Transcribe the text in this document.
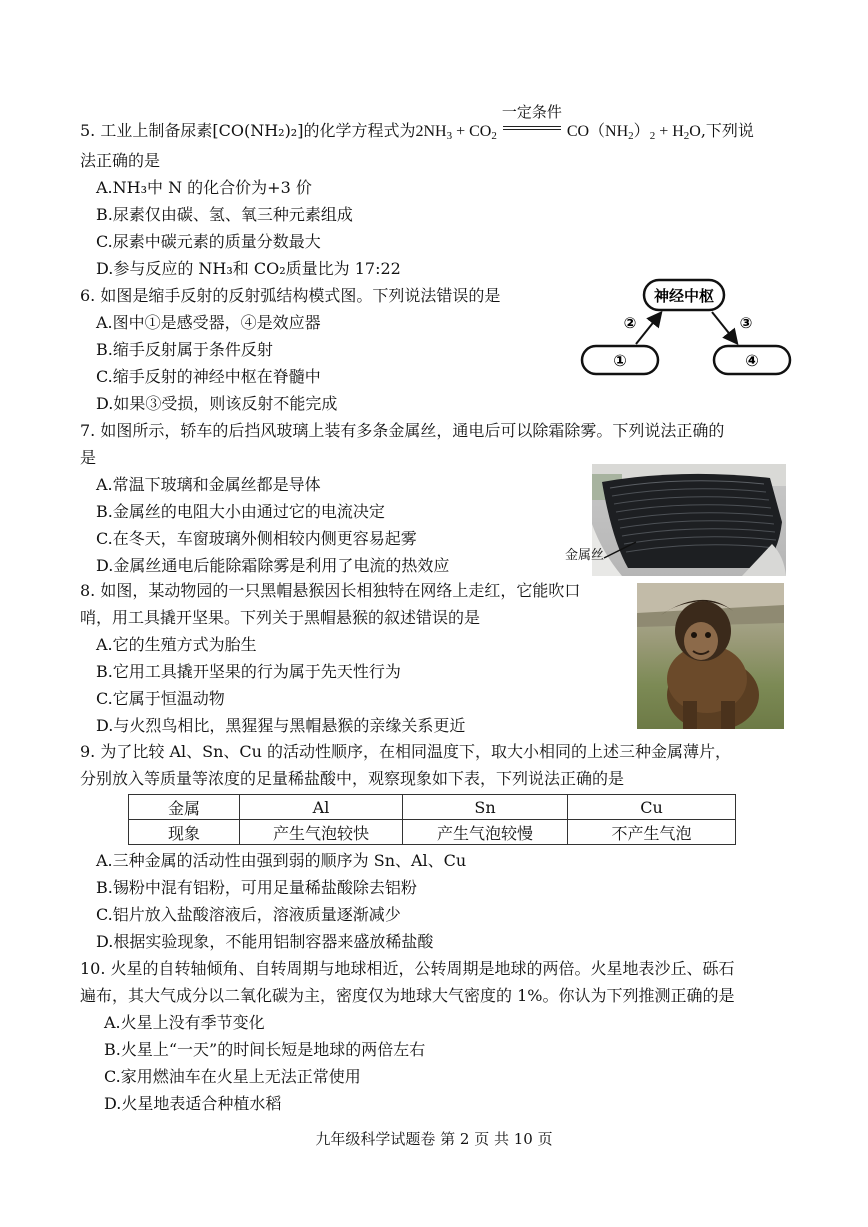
5. 工业上制备尿素[CO(NH₂)₂]的化学方程式为$2NH_3 + CO_2$
一定条件
$CO(NH_2)_2 + H_2O$,下列说
法正确的是
A.NH₃中 N 的化合价为+3 价
B.尿素仅由碳、氢、氧三种元素组成
C.尿素中碳元素的质量分数最大
D.参与反应的 NH₃和 CO₂质量比为 17:22
6. 如图是缩手反射的反射弧结构模式图。下列说法错误的是
A.图中①是感受器，④是效应器
B.缩手反射属于条件反射
C.缩手反射的神经中枢在脊髓中
D.如果③受损，则该反射不能完成
神经中枢
①	④
②	③
7. 如图所示，轿车的后挡风玻璃上装有多条金属丝，通电后可以除霜除雾。下列说法正确的
是
A.常温下玻璃和金属丝都是导体
B.金属丝的电阻大小由通过它的电流决定
C.在冬天，车窗玻璃外侧相较内侧更容易起雾
D.金属丝通电后能除霜除雾是利用了电流的热效应
金属丝
8. 如图，某动物园的一只黑帽悬猴因长相独特在网络上走红，它能吹口
哨，用工具撬开坚果。下列关于黑帽悬猴的叙述错误的是
A.它的生殖方式为胎生
B.它用工具撬开坚果的行为属于先天性行为
C.它属于恒温动物
D.与火烈鸟相比，黑猩猩与黑帽悬猴的亲缘关系更近
9. 为了比较 Al、Sn、Cu 的活动性顺序，在相同温度下，取大小相同的上述三种金属薄片，
分别放入等质量等浓度的足量稀盐酸中，观察现象如下表，下列说法正确的是
金属	Al	Sn	Cu
现象	产生气泡较快	产生气泡较慢	不产生气泡
A.三种金属的活动性由强到弱的顺序为 Sn、Al、Cu
B.锡粉中混有铝粉，可用足量稀盐酸除去铝粉
C.铝片放入盐酸溶液后，溶液质量逐渐减少
D.根据实验现象，不能用铝制容器来盛放稀盐酸
10. 火星的自转轴倾角、自转周期与地球相近，公转周期是地球的两倍。火星地表沙丘、砾石
遍布，其大气成分以二氧化碳为主，密度仅为地球大气密度的 1%。你认为下列推测正确的是
A.火星上没有季节变化
B.火星上“一天”的时间长短是地球的两倍左右
C.家用燃油车在火星上无法正常使用
D.火星地表适合种植水稻
九年级科学试题卷 第 2 页 共 10 页
